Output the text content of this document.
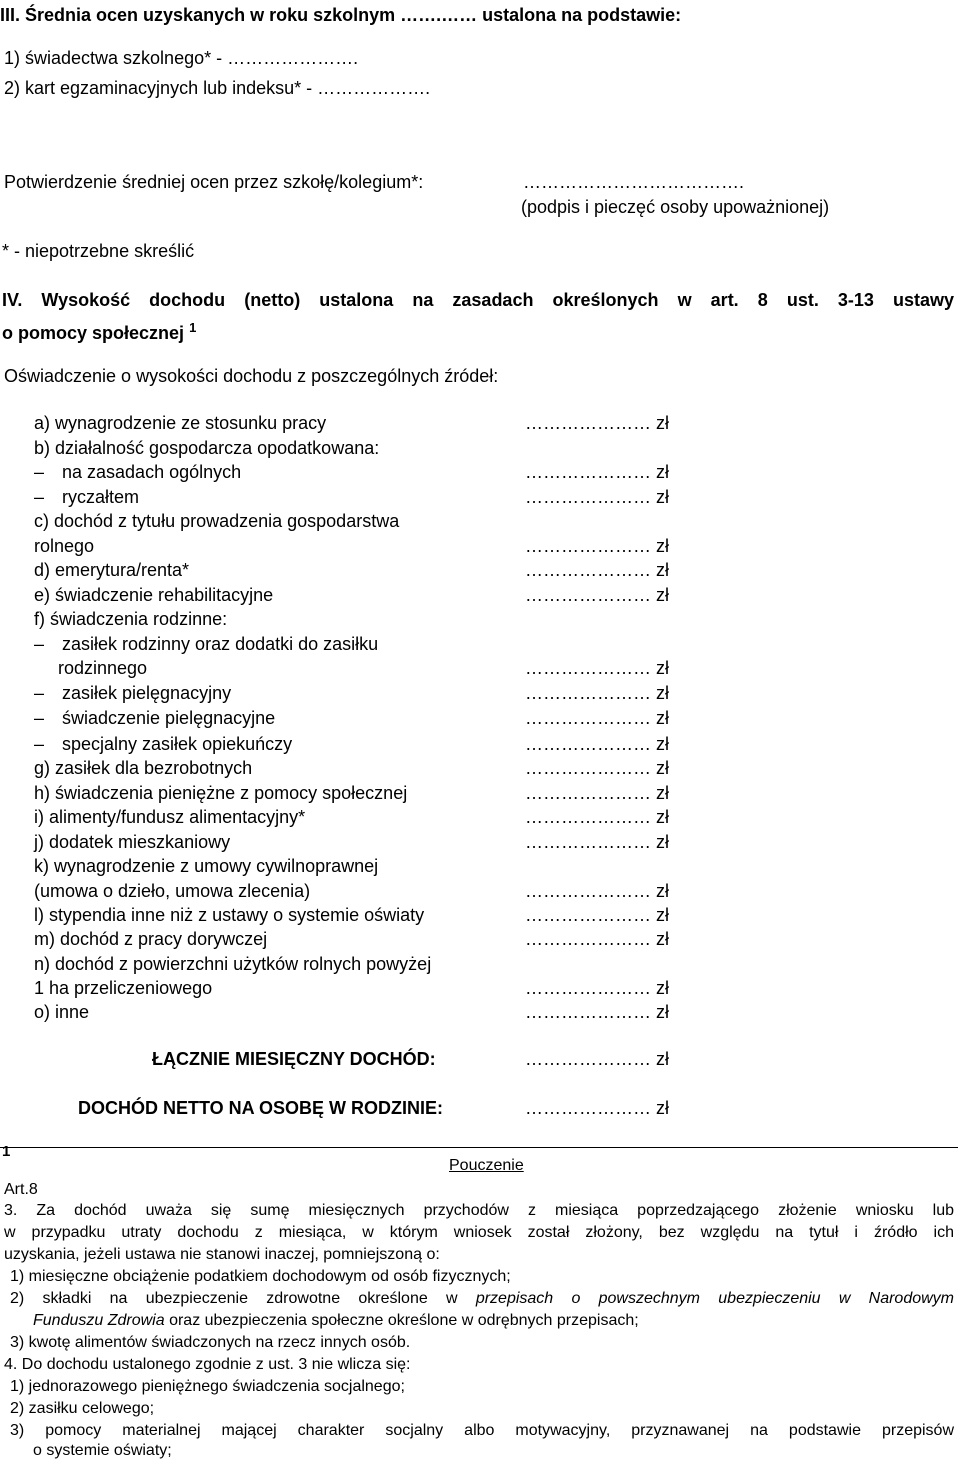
III. Średnia ocen uzyskanych w roku szkolnym …….…… ustalona na podstawie:
1) świadectwa szkolnego* - ………………….
2) kart egzaminacyjnych lub indeksu* - ……………….
Potwierdzenie średniej ocen przez szkołę/kolegium*:	……………………………….
(podpis i pieczęć osoby upoważnionej)
* - niepotrzebne skreślić
IV. Wysokość dochodu (netto) ustalona na zasadach określonych w art. 8 ust. 3-13 ustawy
o pomocy społecznej $^1$
Oświadczenie o wysokości dochodu z poszczególnych źródeł:
a) wynagrodzenie ze stosunku pracy	………………… zł
b) działalność gospodarcza opodatkowana:
– na zasadach ogólnych	………………… zł
– ryczałtem	………………… zł
c) dochód z tytułu prowadzenia gospodarstwa
rolnego	………………… zł
d) emerytura/renta*	………………… zł
e) świadczenie rehabilitacyjne	………………… zł
f) świadczenia rodzinne:
– zasiłek rodzinny oraz dodatki do zasiłku
rodzinnego	………………… zł
– zasiłek pielęgnacyjny	………………… zł
– świadczenie pielęgnacyjne	………………… zł
– specjalny zasiłek opiekuńczy	………………… zł
g) zasiłek dla bezrobotnych	………………… zł
h) świadczenia pieniężne z pomocy społecznej	………………… zł
i) alimenty/fundusz alimentacyjny*	………………… zł
j) dodatek mieszkaniowy	………………… zł
k) wynagrodzenie z umowy cywilnoprawnej
(umowa o dzieło, umowa zlecenia)	………………… zł
l) stypendia inne niż z ustawy o systemie oświaty	………………… zł
m) dochód z pracy dorywczej	………………… zł
n) dochód z powierzchni użytków rolnych powyżej
1 ha przeliczeniowego	………………… zł
o) inne	………………… zł
ŁĄCZNIE MIESIĘCZNY DOCHÓD:	………………… zł
DOCHÓD NETTO NA OSOBĘ W RODZINIE:	………………… zł
1
Pouczenie
Art.8
3. Za dochód uważa się sumę miesięcznych przychodów z miesiąca poprzedzającego złożenie wniosku lub
w przypadku utraty dochodu z miesiąca, w którym wniosek został złożony, bez względu na tytuł i źródło ich
uzyskania, jeżeli ustawa nie stanowi inaczej, pomniejszoną o:
1) miesięczne obciążenie podatkiem dochodowym od osób fizycznych;
2) składki na ubezpieczenie zdrowotne określone w przepisach o powszechnym ubezpieczeniu w Narodowym
Funduszu Zdrowia oraz ubezpieczenia społeczne określone w odrębnych przepisach;
3) kwotę alimentów świadczonych na rzecz innych osób.
4. Do dochodu ustalonego zgodnie z ust. 3 nie wlicza się:
1) jednorazowego pieniężnego świadczenia socjalnego;
2) zasiłku celowego;
3) pomocy materialnej mającej charakter socjalny albo motywacyjny, przyznawanej na podstawie przepisów
o systemie oświaty;
